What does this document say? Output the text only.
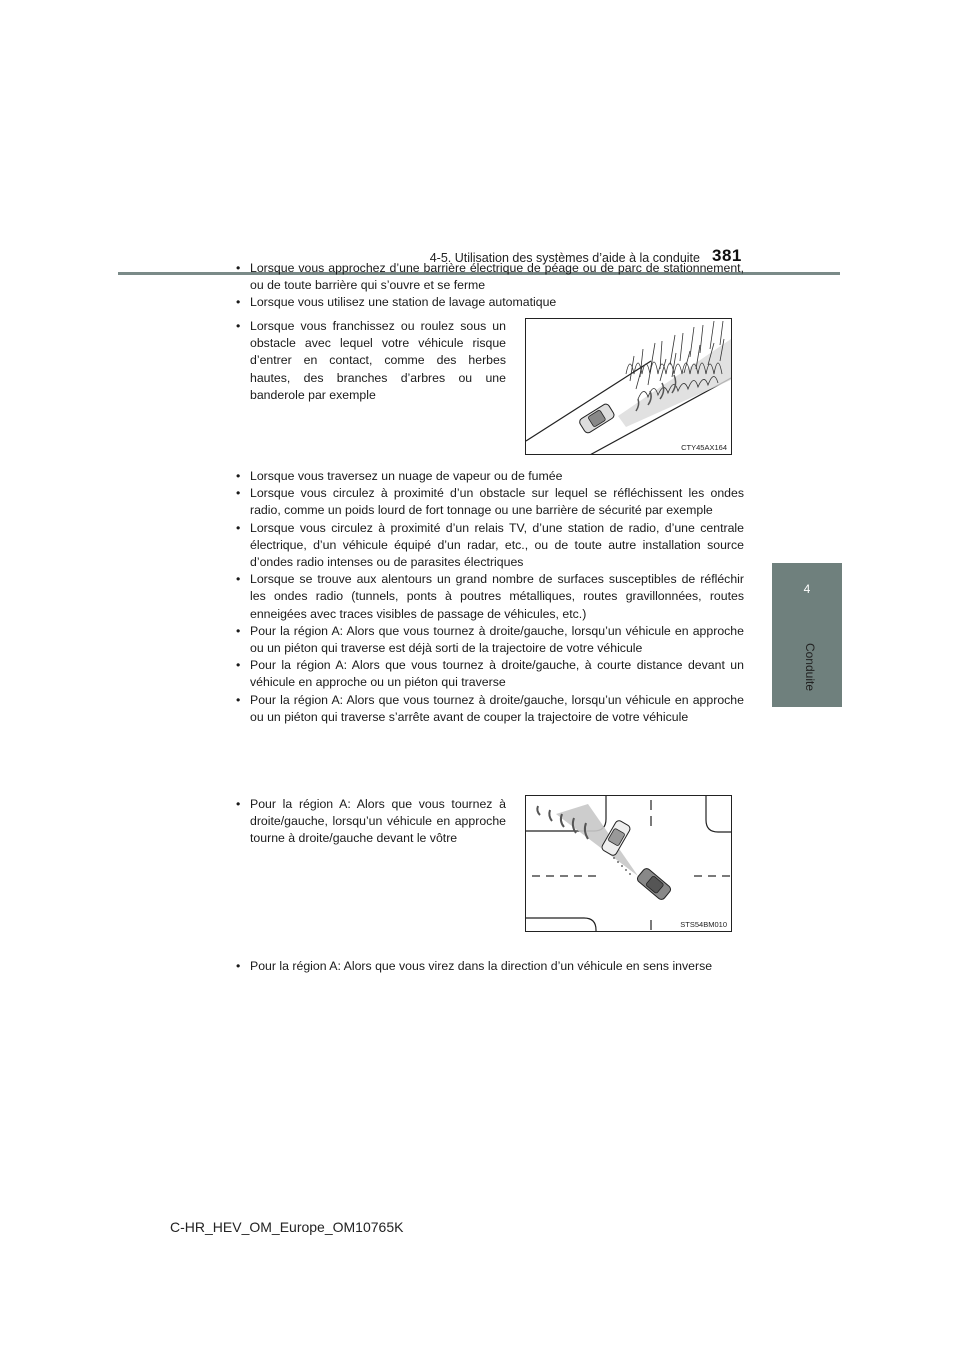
4-5. Utilisation des systèmes d’aide à la conduite 381
4
Conduite
• Lorsque vous approchez d’une barrière électrique de péage ou de parc de stationnement, ou de toute barrière qui s’ouvre et se ferme
• Lorsque vous utilisez une station de lavage automatique
• Lorsque vous franchissez ou roulez sous un obstacle avec lequel votre véhicule risque d’entrer en contact, comme des herbes hautes, des branches d’arbres ou une banderole par exemple
CTY45AX164
• Lorsque vous traversez un nuage de vapeur ou de fumée
• Lorsque vous circulez à proximité d’un obstacle sur lequel se réfléchissent les ondes radio, comme un poids lourd de fort tonnage ou une barrière de sécurité par exemple
• Lorsque vous circulez à proximité d’un relais TV, d’une station de radio, d’une centrale électrique, d’un véhicule équipé d’un radar, etc., ou de toute autre installation source d’ondes radio intenses ou de parasites électriques
• Lorsque se trouve aux alentours un grand nombre de surfaces susceptibles de réfléchir les ondes radio (tunnels, ponts à poutres métalliques, routes gravillonnées, routes enneigées avec traces visibles de passage de véhicules, etc.)
• Pour la région A: Alors que vous tournez à droite/gauche, lorsqu’un véhicule en approche ou un piéton qui traverse est déjà sorti de la trajectoire de votre véhicule
• Pour la région A: Alors que vous tournez à droite/gauche, à courte distance devant un véhicule en approche ou un piéton qui traverse
• Pour la région A: Alors que vous tournez à droite/gauche, lorsqu’un véhicule en approche ou un piéton qui traverse s’arrête avant de couper la trajectoire de votre véhicule
• Pour la région A: Alors que vous tournez à droite/gauche, lorsqu’un véhicule en approche tourne à droite/gauche devant le vôtre
STS54BM010
• Pour la région A: Alors que vous virez dans la direction d’un véhicule en sens inverse
C-HR_HEV_OM_Europe_OM10765K
